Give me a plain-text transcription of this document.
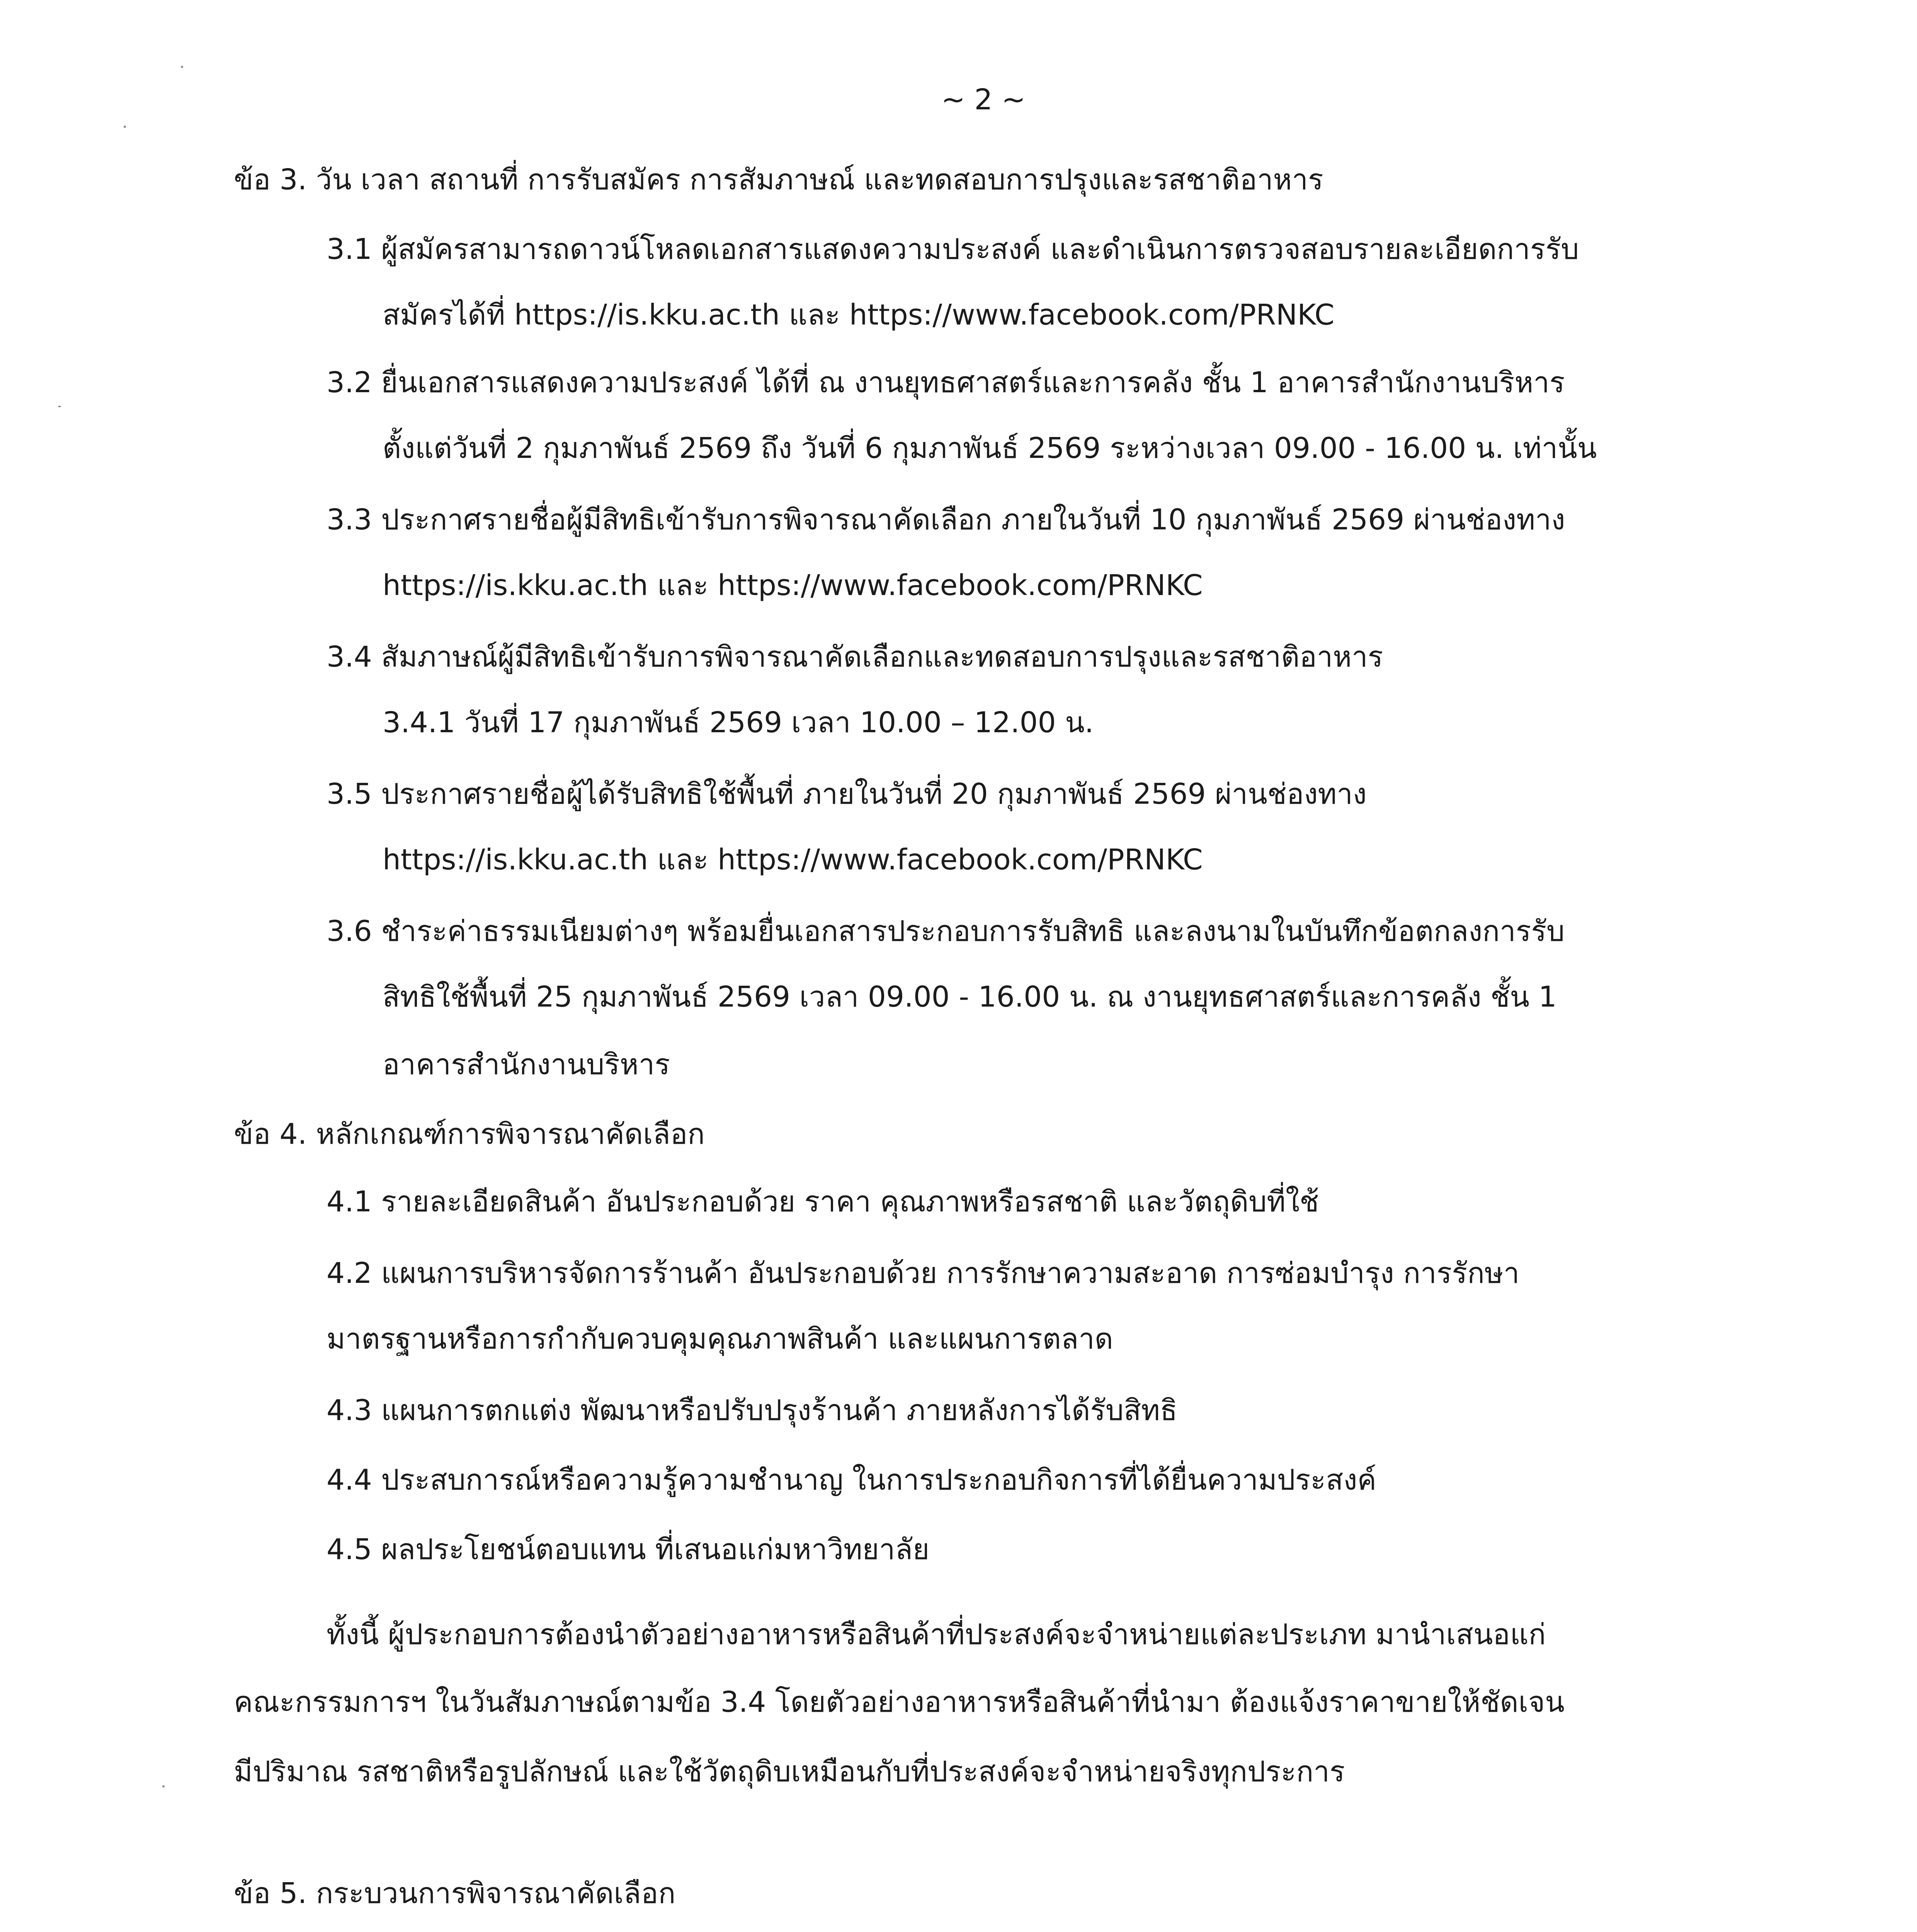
~ 2 ~
ข้อ 3. วัน เวลา สถานที่ การรับสมัคร การสัมภาษณ์ และทดสอบการปรุงและรสชาติอาหาร
3.1 ผู้สมัครสามารถดาวน์โหลดเอกสารแสดงความประสงค์ และดำเนินการตรวจสอบรายละเอียดการรับ
สมัครได้ที่ https://is.kku.ac.th และ https://www.facebook.com/PRNKC
3.2 ยื่นเอกสารแสดงความประสงค์ ได้ที่ ณ งานยุทธศาสตร์และการคลัง ชั้น 1 อาคารสำนักงานบริหาร
ตั้งแต่วันที่ 2 กุมภาพันธ์ 2569 ถึง วันที่ 6 กุมภาพันธ์ 2569 ระหว่างเวลา 09.00 - 16.00 น. เท่านั้น
3.3 ประกาศรายชื่อผู้มีสิทธิเข้ารับการพิจารณาคัดเลือก ภายในวันที่ 10 กุมภาพันธ์ 2569 ผ่านช่องทาง
https://is.kku.ac.th และ https://www.facebook.com/PRNKC
3.4 สัมภาษณ์ผู้มีสิทธิเข้ารับการพิจารณาคัดเลือกและทดสอบการปรุงและรสชาติอาหาร
3.4.1 วันที่ 17 กุมภาพันธ์ 2569 เวลา 10.00 – 12.00 น.
3.5 ประกาศรายชื่อผู้ได้รับสิทธิใช้พื้นที่ ภายในวันที่ 20 กุมภาพันธ์ 2569 ผ่านช่องทาง
https://is.kku.ac.th และ https://www.facebook.com/PRNKC
3.6 ชำระค่าธรรมเนียมต่างๆ พร้อมยื่นเอกสารประกอบการรับสิทธิ และลงนามในบันทึกข้อตกลงการรับ
สิทธิใช้พื้นที่ 25 กุมภาพันธ์ 2569 เวลา 09.00 - 16.00 น. ณ งานยุทธศาสตร์และการคลัง ชั้น 1
อาคารสำนักงานบริหาร
ข้อ 4. หลักเกณฑ์การพิจารณาคัดเลือก
4.1 รายละเอียดสินค้า อันประกอบด้วย ราคา คุณภาพหรือรสชาติ และวัตถุดิบที่ใช้
4.2 แผนการบริหารจัดการร้านค้า อันประกอบด้วย การรักษาความสะอาด การซ่อมบำรุง การรักษา
มาตรฐานหรือการกำกับควบคุมคุณภาพสินค้า และแผนการตลาด
4.3 แผนการตกแต่ง พัฒนาหรือปรับปรุงร้านค้า ภายหลังการได้รับสิทธิ
4.4 ประสบการณ์หรือความรู้ความชำนาญ ในการประกอบกิจการที่ได้ยื่นความประสงค์
4.5 ผลประโยชน์ตอบแทน ที่เสนอแก่มหาวิทยาลัย
ทั้งนี้ ผู้ประกอบการต้องนำตัวอย่างอาหารหรือสินค้าที่ประสงค์จะจำหน่ายแต่ละประเภท มานำเสนอแก่
คณะกรรมการฯ ในวันสัมภาษณ์ตามข้อ 3.4 โดยตัวอย่างอาหารหรือสินค้าที่นำมา ต้องแจ้งราคาขายให้ชัดเจน
มีปริมาณ รสชาติหรือรูปลักษณ์ และใช้วัตถุดิบเหมือนกับที่ประสงค์จะจำหน่ายจริงทุกประการ
ข้อ 5. กระบวนการพิจารณาคัดเลือก
